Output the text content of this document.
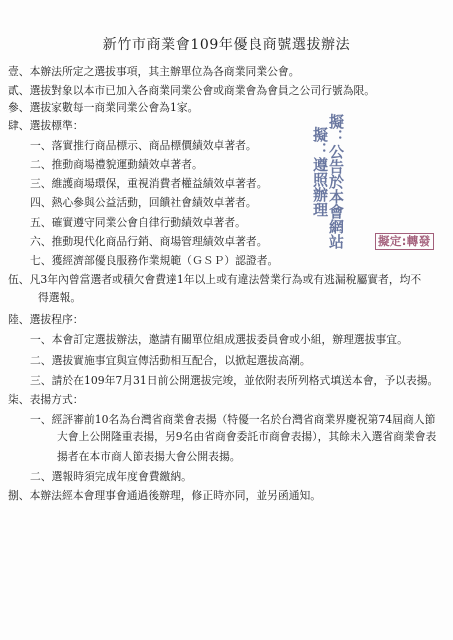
新竹市商業會109年優良商號選拔辦法
壹、本辦法所定之選拔事項，其主辦單位為各商業同業公會。
貳、選拔對象以本市已加入各商業同業公會或商業會為會員之公司行號為限。
參、選拔家數每一商業同業公會為1家。
肆、選拔標準：
一、落實推行商品標示、商品標價績效卓著者。
二、推動商場禮貌運動績效卓著者。
三、維護商場環保，重視消費者權益績效卓著者。
四、熱心參與公益活動，回饋社會績效卓著者。
五、確實遵守同業公會自律行動績效卓著者。
六、推動現代化商品行銷、商場管理績效卓著者。
七、獲經濟部優良服務作業規範（ＧＳＰ）認證者。
伍、凡3年內曾當選者或積欠會費達1年以上或有違法營業行為或有逃漏稅屬實者，均不
得選報。
陸、選拔程序：
一、本會訂定選拔辦法，邀請有關單位組成選拔委員會或小組，辦理選拔事宜。
二、選拔實施事宜與宣傳活動相互配合，以掀起選拔高潮。
三、請於在109年7月31日前公開選拔完竣，並依附表所列格式填送本會，予以表揚。
柒、表揚方式：
一、經評審前10名為台灣省商業會表揚（特優一名於台灣省商業界慶祝第74屆商人節
大會上公開隆重表揚，另9名由省商會委託市商會表揚），其餘未入選省商業會表
揚者在本市商人節表揚大會公開表揚。
二、選報時須完成年度會費繳納。
捌、本辦法經本會理事會通過後辦理，修正時亦同，並另函通知。
擬：公告於本會網站
擬：遵照辦理
擬定:轉發
